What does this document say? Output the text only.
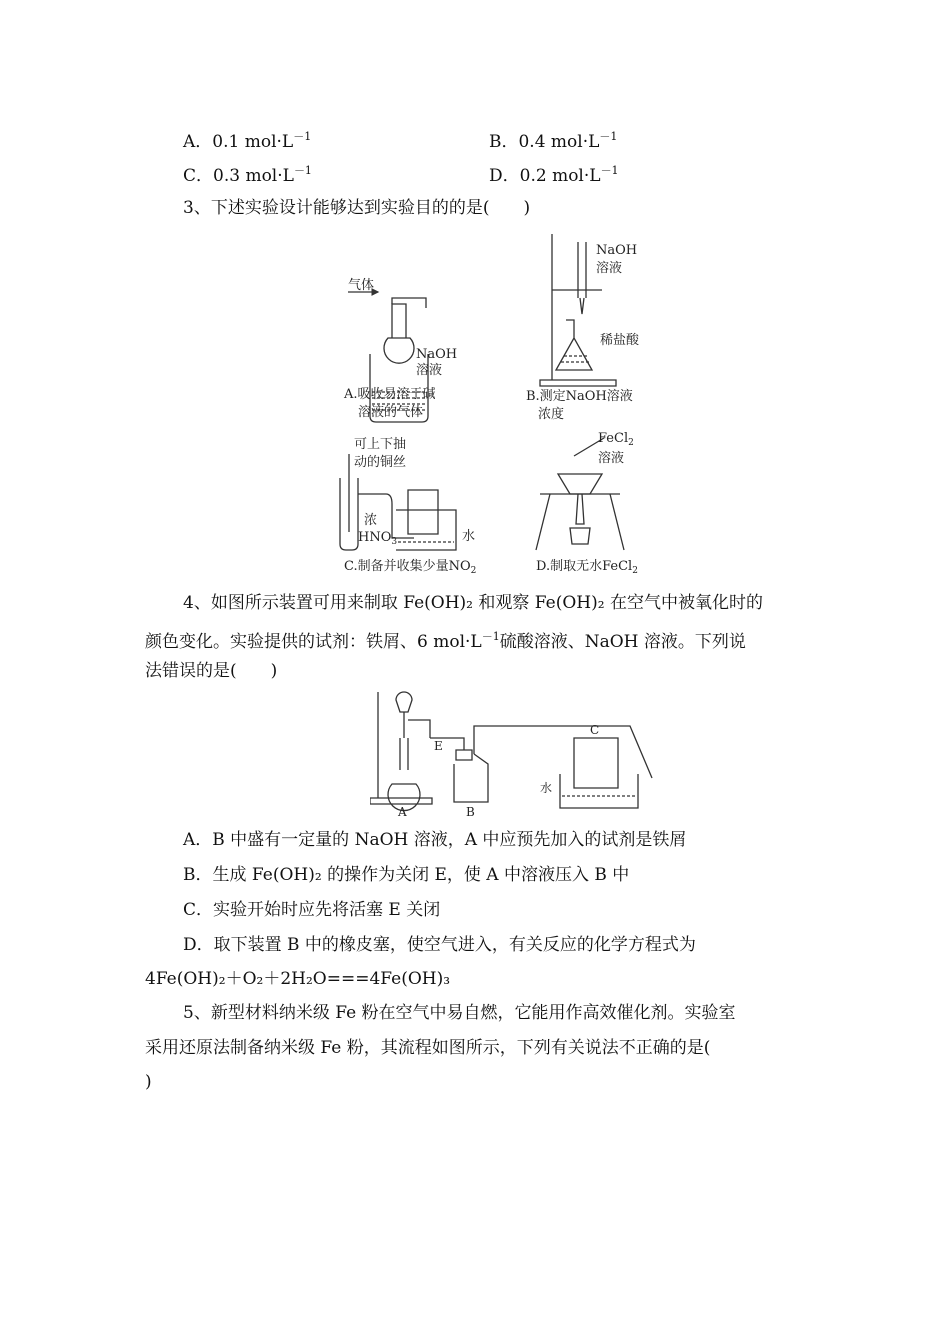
A．0.1 $mol\cdot L^{-1}$	B．0.4 $mol\cdot L^{-1}$
C．0.3 $mol\cdot L^{-1}$	D．0.2 $mol\cdot L^{-1}$
3、下述实验设计能够达到实验目的的是(　　)
气体
NaOH
溶液
A.吸收易溶于碱
溶液的气体
NaOH
溶液
稀盐酸
B.测定NaOH溶液
浓度
可上下抽
动的铜丝
浓
$HNO_3$	水
C.制备并收集少量$NO_2$
FeCl$_2$
溶液
D.制取无水FeCl$_2$
4、如图所示装置可用来制取 Fe(OH)₂ 和观察 Fe(OH)₂ 在空气中被氧化时的
颜色变化。实验提供的试剂：铁屑、6 $mol\cdot L^{-1}$硫酸溶液、NaOH 溶液。下列说
法错误的是(　　)
A	B
C
E
水
A．B 中盛有一定量的 NaOH 溶液，A 中应预先加入的试剂是铁屑
B．生成 Fe(OH)₂ 的操作为关闭 E，使 A 中溶液压入 B 中
C．实验开始时应先将活塞 E 关闭
D．取下装置 B 中的橡皮塞，使空气进入，有关反应的化学方程式为
4Fe(OH)₂＋O₂＋2H₂O===4Fe(OH)₃
5、新型材料纳米级 Fe 粉在空气中易自燃，它能用作高效催化剂。实验室
采用还原法制备纳米级 Fe 粉，其流程如图所示，下列有关说法不正确的是(
)
